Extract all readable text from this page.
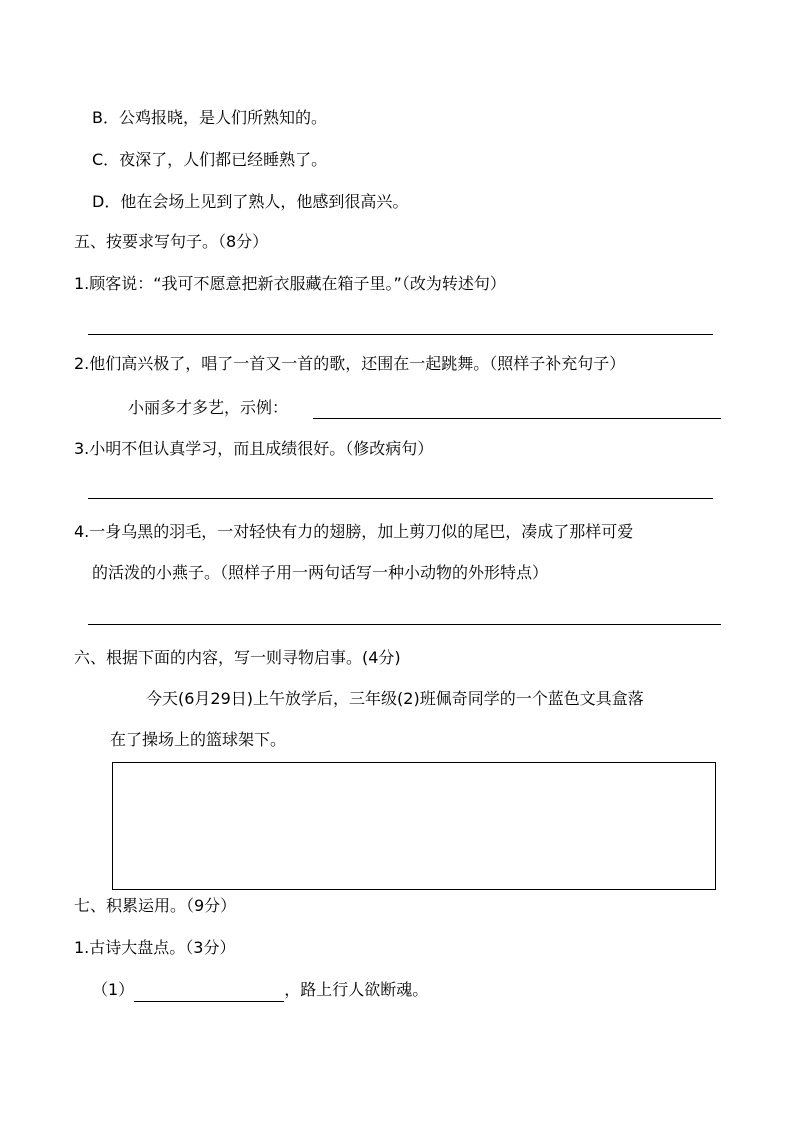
B．公鸡报晓，是人们所熟知的。
C．夜深了，人们都已经睡熟了。
D．他在会场上见到了熟人，他感到很高兴。
五、按要求写句子。（8分）
1.顾客说：“我可不愿意把新衣服藏在箱子里。”（改为转述句）
2.他们高兴极了，唱了一首又一首的歌，还围在一起跳舞。（照样子补充句子）
小丽多才多艺，示例：
3.小明不但认真学习，而且成绩很好。（修改病句）
4.一身乌黑的羽毛，一对轻快有力的翅膀，加上剪刀似的尾巴，凑成了那样可爱
的活泼的小燕子。（照样子用一两句话写一种小动物的外形特点）
六、根据下面的内容，写一则寻物启事。(4分)
今天(6月29日)上午放学后，三年级(2)班佩奇同学的一个蓝色文具盒落
在了操场上的篮球架下。
七、积累运用。（9分）
1.古诗大盘点。（3分）
（1）	，路上行人欲断魂。
